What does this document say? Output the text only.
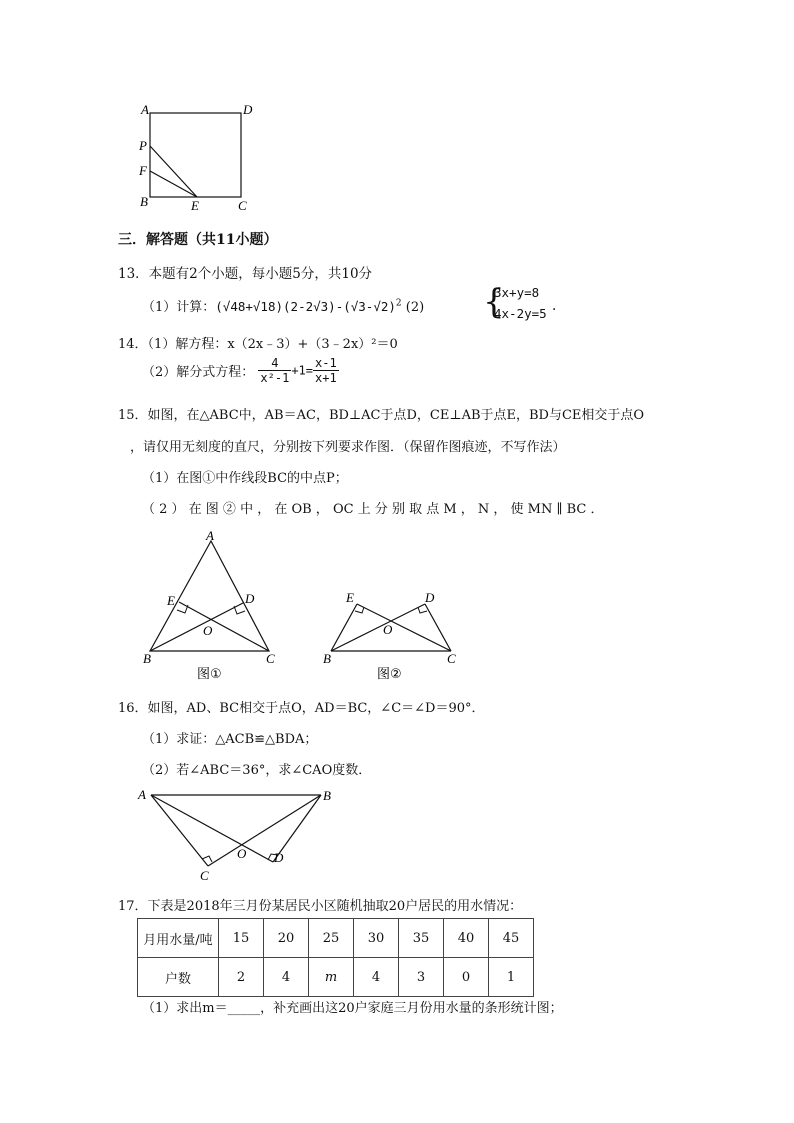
A	D
P
F
B	E	C
三．解答题（共11小题）
13．本题有2个小题，每小题5分，共10分
（1）计算：$(√48+√18)(2-2√3)-(√3-√2)^2$ (2) {
3x+y=8
4x-2y=5 .
14．（1）解方程：x（2x﹣3）+（3﹣2x）²＝0
（2）解分式方程： $\frac{4}{\text{x²-1}} +1= \frac{x-1}{x+1}$
15．如图，在△ABC中，AB＝AC，BD⊥AC于点D，CE⊥AB于点E，BD与CE相交于点O
，请仅用无刻度的直尺，分别按下列要求作图．（保留作图痕迹，不写作法）
（1）在图①中作线段BC的中点P；
（ 2 ） 在 图 ② 中 ， 在 OB ， OC 上 分 别 取 点 M ， N ， 使 MN ∥ BC ．
A
E	D
O
B	C
图①
E	D
O
B	C
图②
16．如图，AD、BC相交于点O，AD＝BC，∠C＝∠D＝90°．
（1）求证：△ACB≌△BDA；
（2）若∠ABC＝36°，求∠CAO度数．
A	B
O
C
D
17．下表是2018年三月份某居民小区随机抽取20户居民的用水情况：
月用水量/吨	15	20	25	30	35	40	45
户数	2	4	m	4	3	0	1
（1）求出m＝_____，补充画出这20户家庭三月份用水量的条形统计图；
